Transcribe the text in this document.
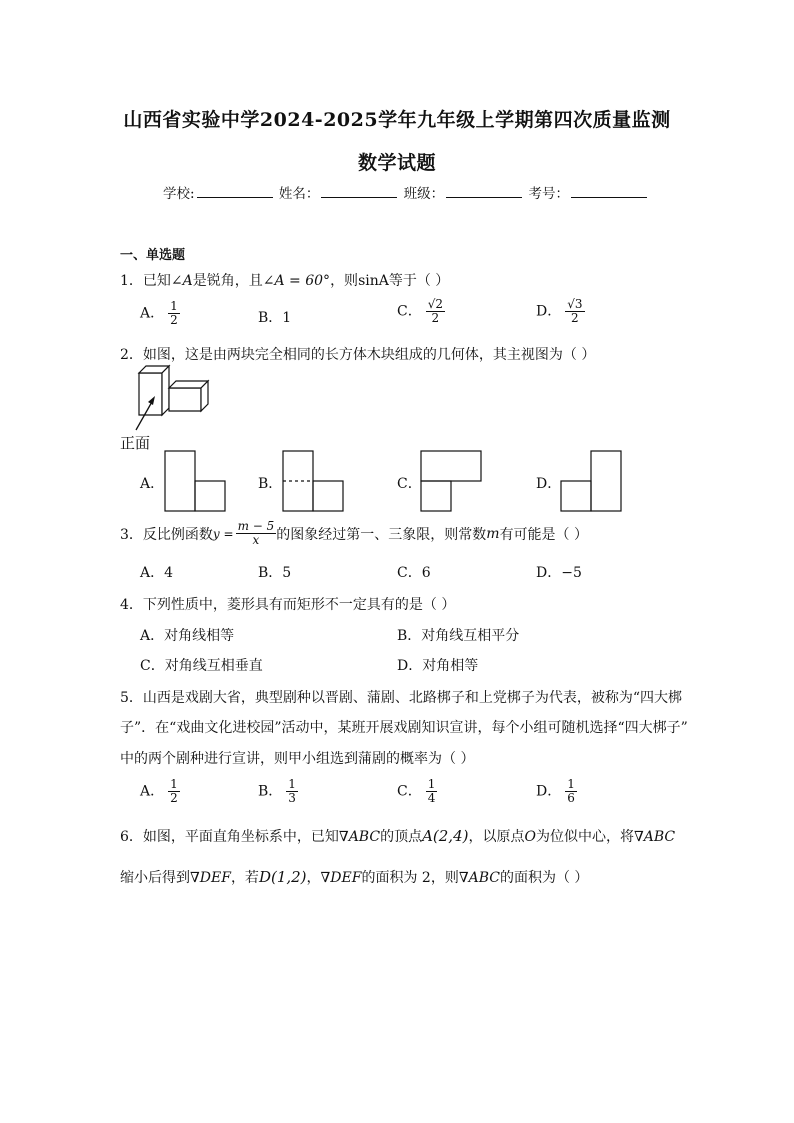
山西省实验中学2024-2025学年九年级上学期第四次质量监测
数学试题
学校:	姓名：	班级：	考号：
一、单选题
1．已知∠A是锐角，且∠A = 60°，则sinA等于（ ）
A． $\frac{1}{2}$	B．1	C． $\frac{√2}{2}$	D． $\frac{√3}{2}$
2．如图，这是由两块完全相同的长方体木块组成的几何体，其主视图为（ ）
正面
A．	B．	C．	D．
3．反比例函数 $y = \frac{m - 5}{x}$ 的图象经过第一、三象限，则常数 m 有可能是（ ）
A．4	B．5	C．6	D．−5
4．下列性质中，菱形具有而矩形不一定具有的是（ ）
A．对角线相等	B．对角线互相平分
C．对角线互相垂直	D．对角相等
5．山西是戏剧大省，典型剧种以晋剧、蒲剧、北路梆子和上党梆子为代表，被称为“四大梆
子”．在“戏曲文化进校园”活动中，某班开展戏剧知识宣讲，每个小组可随机选择“四大梆子”
中的两个剧种进行宣讲，则甲小组选到蒲剧的概率为（ ）
A． $\frac{1}{2}$	B． $\frac{1}{3}$	C． $\frac{1}{4}$	D． $\frac{1}{6}$
6．如图，平面直角坐标系中，已知∇ABC的顶点A(2,4)，以原点O为位似中心，将∇ABC
缩小后得到∇DEF，若D(1,2)，∇DEF的面积为 2，则∇ABC的面积为（ ）
